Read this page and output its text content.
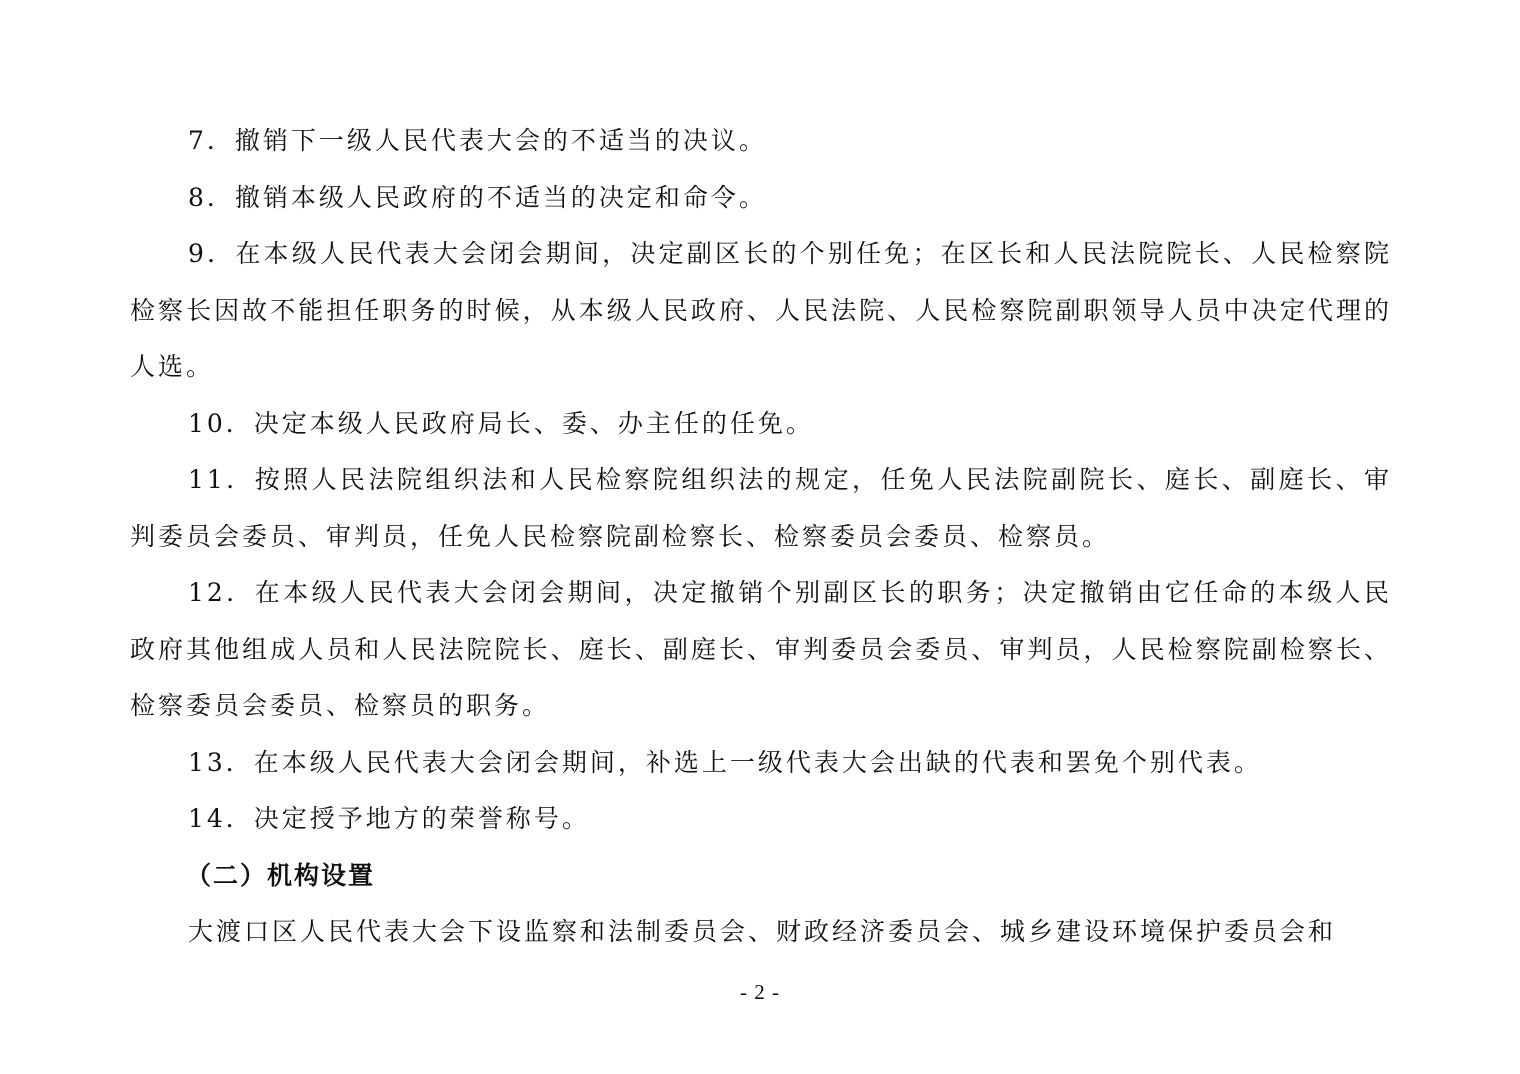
7．撤销下一级人民代表大会的不适当的决议。

8．撤销本级人民政府的不适当的决定和命令。

9．在本级人民代表大会闭会期间，决定副区长的个别任免；在区长和人民法院院长、人民检察院检察长因故不能担任职务的时候，从本级人民政府、人民法院、人民检察院副职领导人员中决定代理的人选。

10．决定本级人民政府局长、委、办主任的任免。

11．按照人民法院组织法和人民检察院组织法的规定，任免人民法院副院长、庭长、副庭长、审判委员会委员、审判员，任免人民检察院副检察长、检察委员会委员、检察员。

12．在本级人民代表大会闭会期间，决定撤销个别副区长的职务；决定撤销由它任命的本级人民政府其他组成人员和人民法院院长、庭长、副庭长、审判委员会委员、审判员，人民检察院副检察长、检察委员会委员、检察员的职务。

13．在本级人民代表大会闭会期间，补选上一级代表大会出缺的代表和罢免个别代表。

14．决定授予地方的荣誉称号。

（二）机构设置

大渡口区人民代表大会下设监察和法制委员会、财政经济委员会、城乡建设环境保护委员会和

- 2 -
